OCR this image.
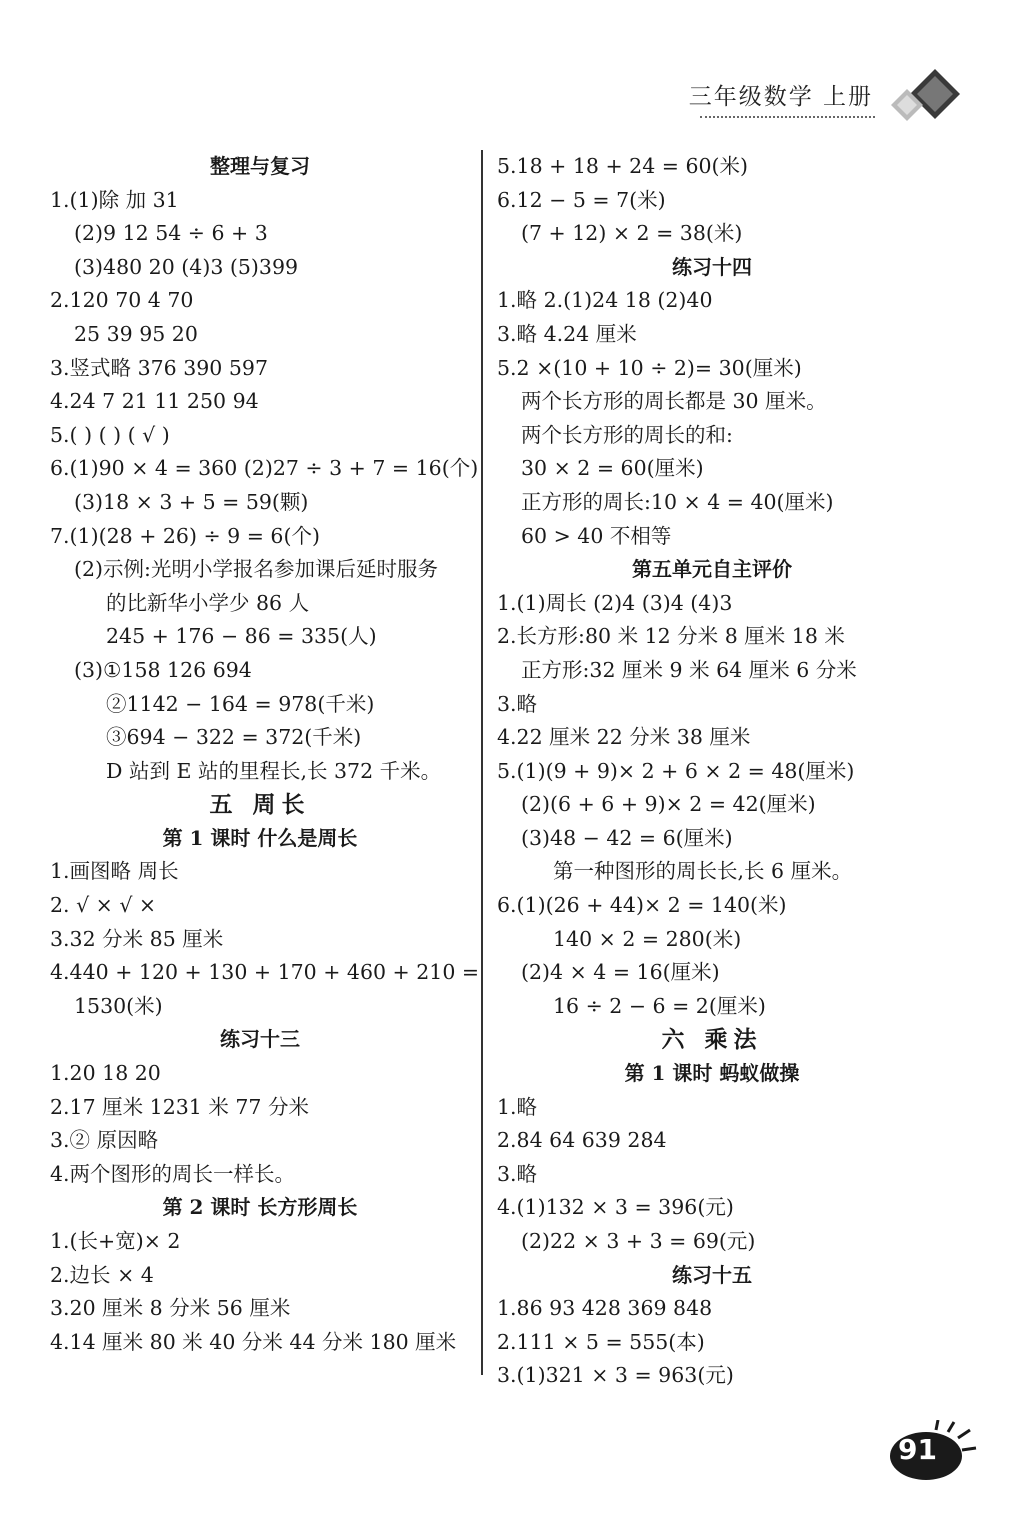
三年级数学 上册
整理与复习
1.(1)除 加 31
(2)9 12 54 ÷ 6 + 3
(3)480 20 (4)3 (5)399
2.120 70 4 70
25 39 95 20
3.竖式略 376 390 597
4.24 7 21 11 250 94
5.( ) ( ) ( √ )
6.(1)90 × 4 = 360 (2)27 ÷ 3 + 7 = 16(个)
(3)18 × 3 + 5 = 59(颗)
7.(1)(28 + 26) ÷ 9 = 6(个)
(2)示例:光明小学报名参加课后延时服务
的比新华小学少 86 人
245 + 176 − 86 = 335(人)
(3)①158 126 694
②1142 − 164 = 978(千米)
③694 − 322 = 372(千米)
D 站到 E 站的里程长,长 372 千米。
五 周长
第 1 课时 什么是周长
1.画图略 周长
2. √ × √ ×
3.32 分米 85 厘米
4.440 + 120 + 130 + 170 + 460 + 210 =
1530(米)
练习十三
1.20 18 20
2.17 厘米 1231 米 77 分米
3.② 原因略
4.两个图形的周长一样长。
第 2 课时 长方形周长
1.(长+宽)× 2
2.边长 × 4
3.20 厘米 8 分米 56 厘米
4.14 厘米 80 米 40 分米 44 分米 180 厘米
5.18 + 18 + 24 = 60(米)
6.12 − 5 = 7(米)
(7 + 12) × 2 = 38(米)
练习十四
1.略 2.(1)24 18 (2)40
3.略 4.24 厘米
5.2 ×(10 + 10 ÷ 2)= 30(厘米)
两个长方形的周长都是 30 厘米。
两个长方形的周长的和:
30 × 2 = 60(厘米)
正方形的周长:10 × 4 = 40(厘米)
60 > 40 不相等
第五单元自主评价
1.(1)周长 (2)4 (3)4 (4)3
2.长方形:80 米 12 分米 8 厘米 18 米
正方形:32 厘米 9 米 64 厘米 6 分米
3.略
4.22 厘米 22 分米 38 厘米
5.(1)(9 + 9)× 2 + 6 × 2 = 48(厘米)
(2)(6 + 6 + 9)× 2 = 42(厘米)
(3)48 − 42 = 6(厘米)
第一种图形的周长长,长 6 厘米。
6.(1)(26 + 44)× 2 = 140(米)
140 × 2 = 280(米)
(2)4 × 4 = 16(厘米)
16 ÷ 2 − 6 = 2(厘米)
六 乘法
第 1 课时 蚂蚁做操
1.略
2.84 64 639 284
3.略
4.(1)132 × 3 = 396(元)
(2)22 × 3 + 3 = 69(元)
练习十五
1.86 93 428 369 848
2.111 × 5 = 555(本)
3.(1)321 × 3 = 963(元)
91
